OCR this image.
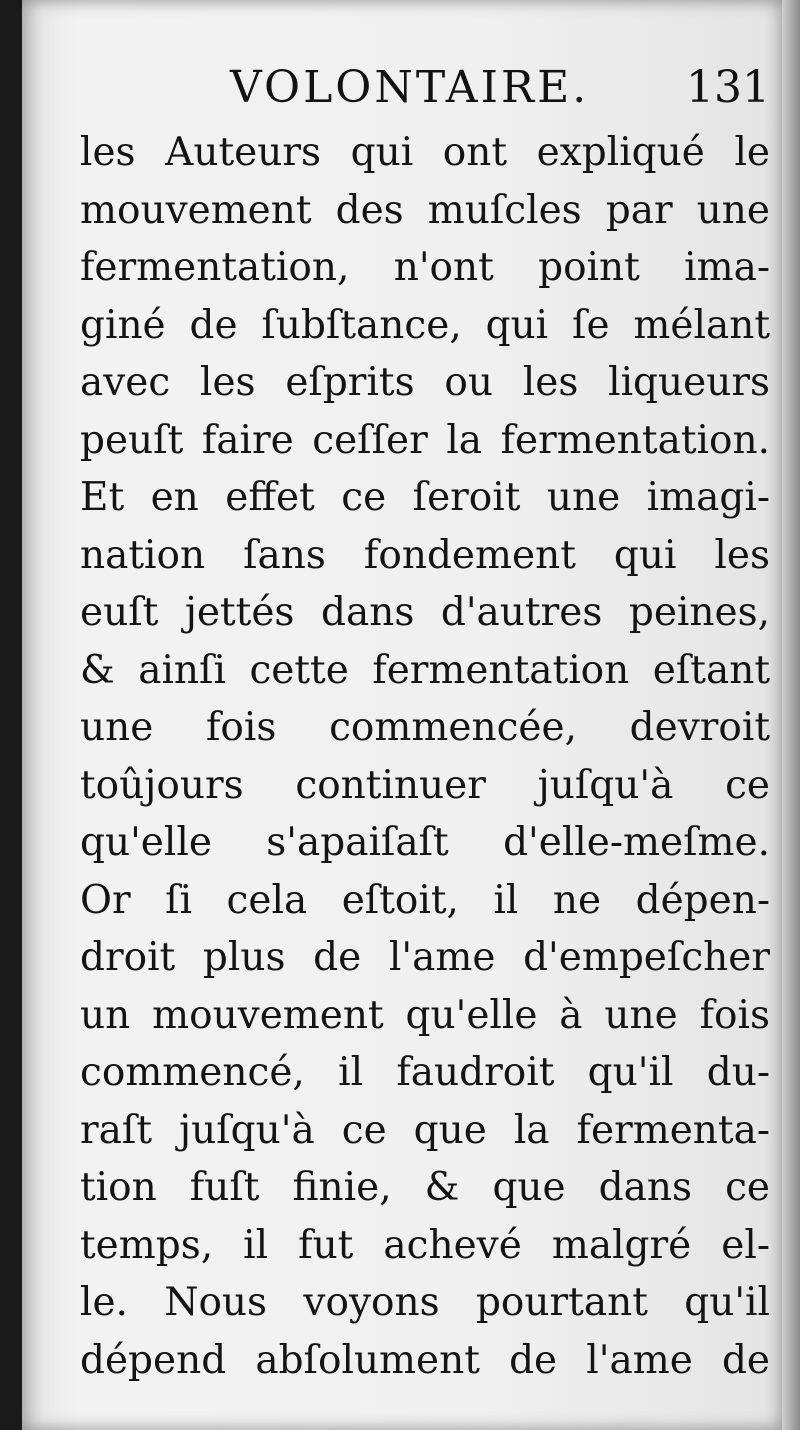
VOLONTAIRE. 131
les Auteurs qui ont expliqué le
mouvement des muſcles par une
fermentation, n'ont point ima-
giné de ſubſtance, qui ſe mélant
avec les eſprits ou les liqueurs
peuſt faire ceſſer la fermentation.
Et en effet ce ſeroit une imagi-
nation ſans fondement qui les
euſt jettés dans d'autres peines,
& ainſi cette fermentation eſtant
une fois commencée, devroit
toûjours continuer juſqu'à ce
qu'elle s'apaiſaſt d'elle-meſme.
Or ſi cela eſtoit, il ne dépen-
droit plus de l'ame d'empeſcher
un mouvement qu'elle à une fois
commencé, il faudroit qu'il du-
raſt juſqu'à ce que la fermenta-
tion fuſt finie, & que dans ce
temps, il fut achevé malgré el-
le. Nous voyons pourtant qu'il
dépend abſolument de l'ame de
